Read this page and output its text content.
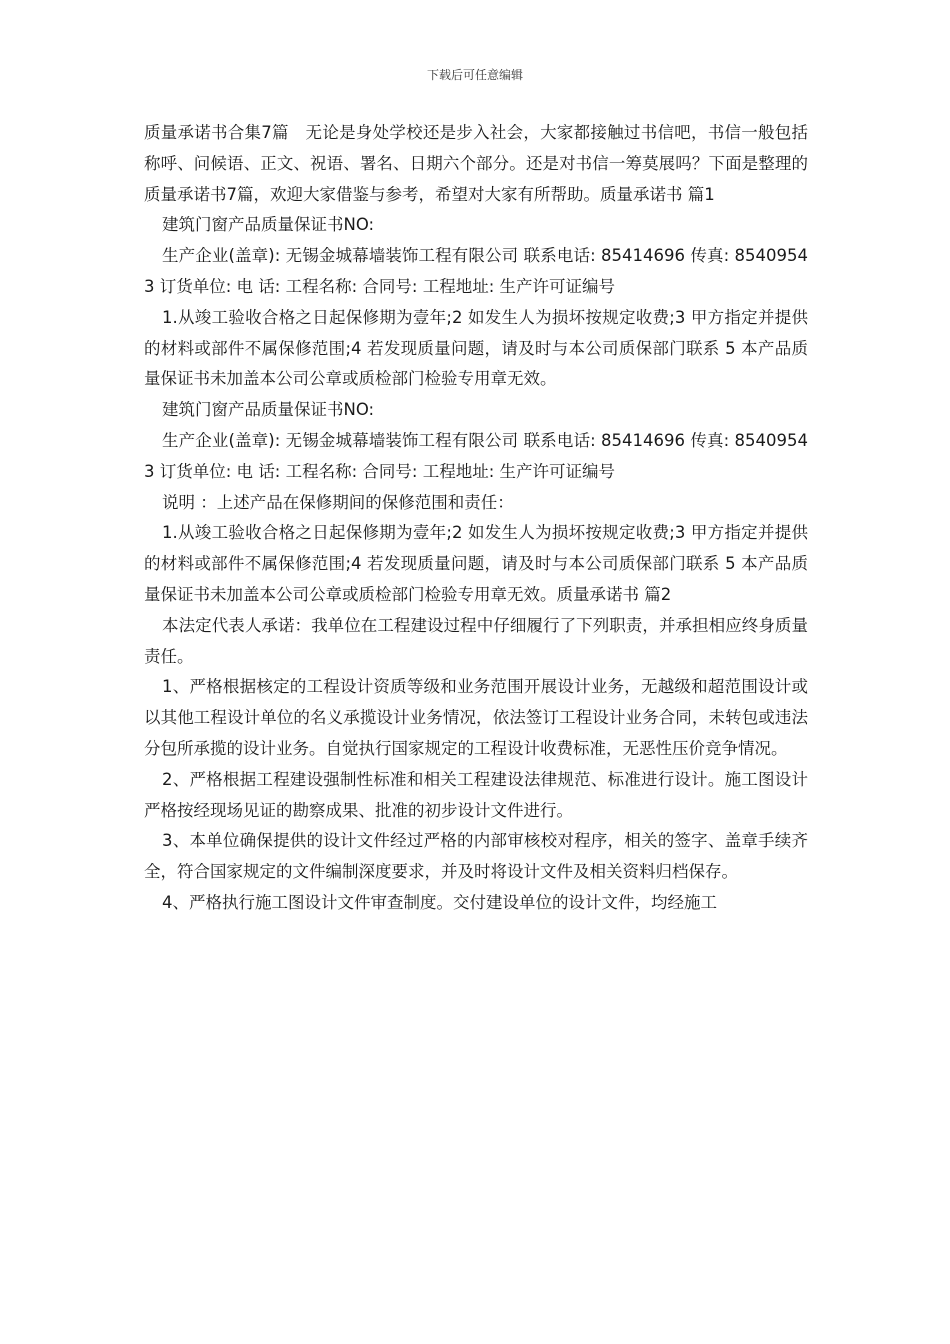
下载后可任意编辑

质量承诺书合集7篇　无论是身处学校还是步入社会，大家都接触过书信吧，书信一般包括称呼、问候语、正文、祝语、署名、日期六个部分。还是对书信一筹莫展吗？下面是整理的质量承诺书7篇，欢迎大家借鉴与参考，希望对大家有所帮助。质量承诺书 篇1

建筑门窗产品质量保证书NO:

生产企业(盖章): 无锡金城幕墙装饰工程有限公司 联系电话: 85414696 传真: 85409543 订货单位: 电 话: 工程名称: 合同号: 工程地址: 生产许可证编号

1.从竣工验收合格之日起保修期为壹年;2 如发生人为损坏按规定收费;3 甲方指定并提供的材料或部件不属保修范围;4 若发现质量问题，请及时与本公司质保部门联系 5 本产品质量保证书未加盖本公司公章或质检部门检验专用章无效。

建筑门窗产品质量保证书NO:

生产企业(盖章): 无锡金城幕墙装饰工程有限公司 联系电话: 85414696 传真: 85409543 订货单位: 电 话: 工程名称: 合同号: 工程地址: 生产许可证编号

说明 ：上述产品在保修期间的保修范围和责任：

1.从竣工验收合格之日起保修期为壹年;2 如发生人为损坏按规定收费;3 甲方指定并提供的材料或部件不属保修范围;4 若发现质量问题，请及时与本公司质保部门联系 5 本产品质量保证书未加盖本公司公章或质检部门检验专用章无效。质量承诺书 篇2

本法定代表人承诺：我单位在工程建设过程中仔细履行了下列职责，并承担相应终身质量责任。

1、严格根据核定的工程设计资质等级和业务范围开展设计业务，无越级和超范围设计或以其他工程设计单位的名义承揽设计业务情况，依法签订工程设计业务合同，未转包或违法分包所承揽的设计业务。自觉执行国家规定的工程设计收费标准，无恶性压价竞争情况。

2、严格根据工程建设强制性标准和相关工程建设法律规范、标准进行设计。施工图设计严格按经现场见证的勘察成果、批准的初步设计文件进行。

3、本单位确保提供的设计文件经过严格的内部审核校对程序，相关的签字、盖章手续齐全，符合国家规定的文件编制深度要求，并及时将设计文件及相关资料归档保存。

4、严格执行施工图设计文件审查制度。交付建设单位的设计文件，均经施工
